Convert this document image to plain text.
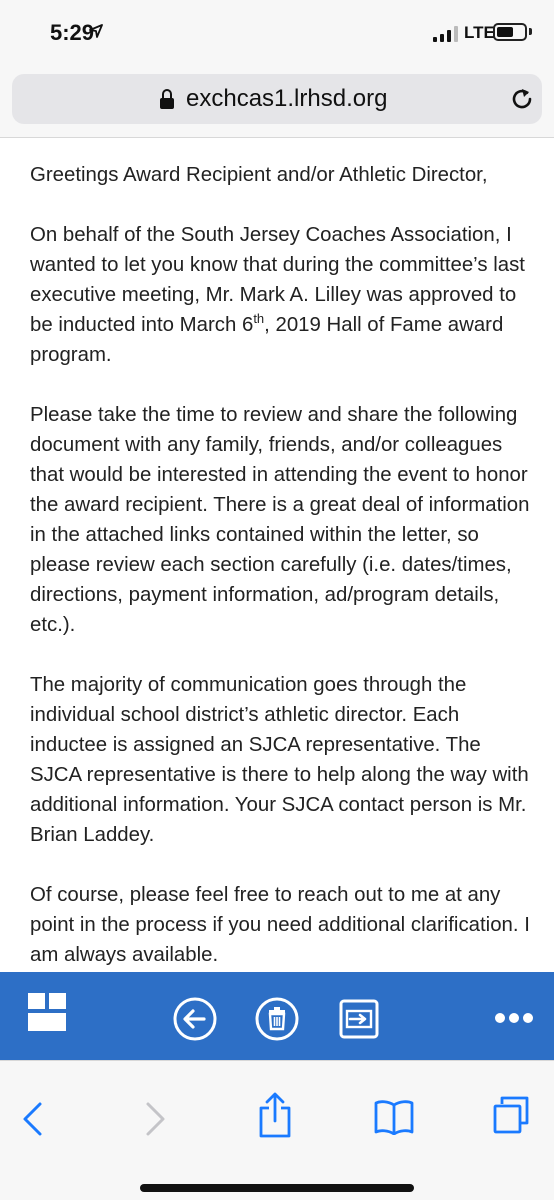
5:29	LTE
exchcas1.lrhsd.org

Greetings Award Recipient and/or Athletic Director,

On behalf of the South Jersey Coaches Association, I wanted to let you know that during the committee’s last executive meeting, Mr. Mark A. Lilley was approved to be inducted into March 6th, 2019 Hall of Fame award program.

Please take the time to review and share the following document with any family, friends, and/or colleagues that would be interested in attending the event to honor the award recipient. There is a great deal of information in the attached links contained within the letter, so please review each section carefully (i.e. dates/times, directions, payment information, ad/program details, etc.).

The majority of communication goes through the individual school district’s athletic director. Each inductee is assigned an SJCA representative. The SJCA representative is there to help along the way with additional information. Your SJCA contact person is Mr. Brian Laddey.

Of course, please feel free to reach out to me at any point in the process if you need additional clarification. I am always available.
